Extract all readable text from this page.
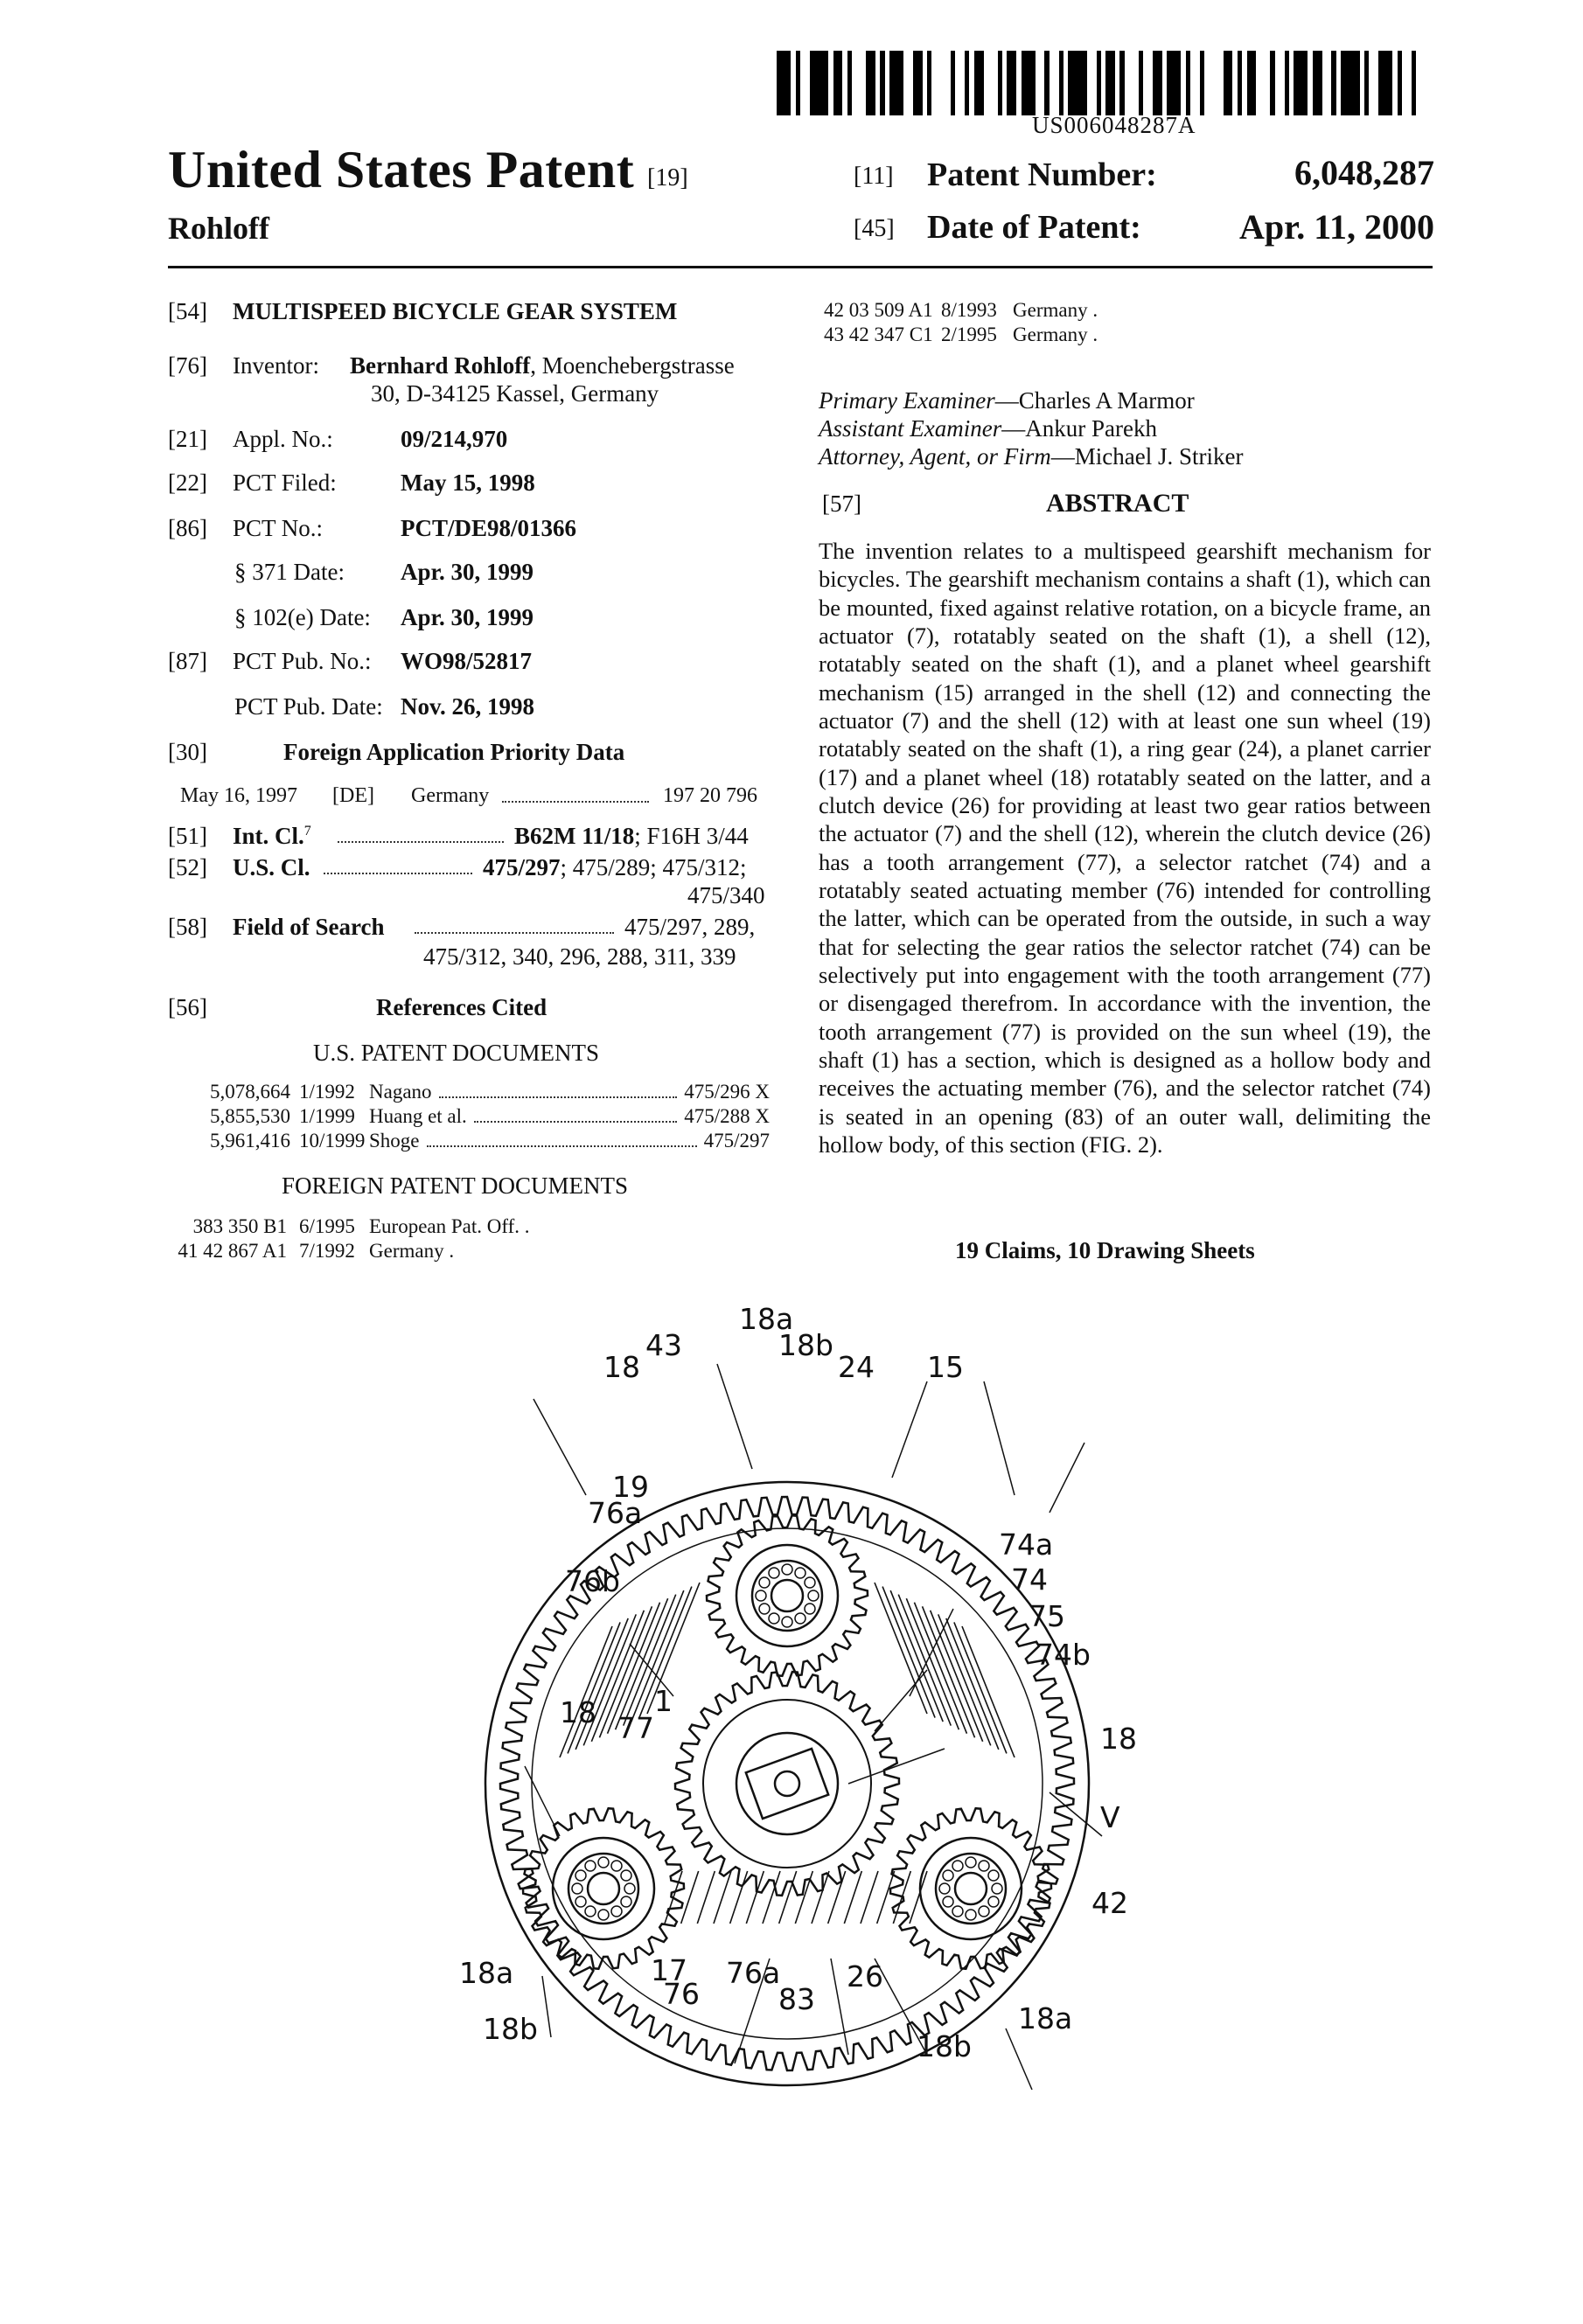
US006048287A
United States Patent [19]
Rohloff
[11] Patent Number:	6,048,287
[45] Date of Patent:	Apr. 11, 2000
[54] MULTISPEED BICYCLE GEAR SYSTEM
[76] Inventor: Bernhard Rohloff, Moenchebergstrasse
30, D-34125 Kassel, Germany
[21] Appl. No.:	09/214,970
[22] PCT Filed:	May 15, 1998
[86] PCT No.:	PCT/DE98/01366
§ 371 Date: Apr. 30, 1999
§ 102(e) Date: Apr. 30, 1999
[87] PCT Pub. No.: WO98/52817
PCT Pub. Date: Nov. 26, 1998
[30]	Foreign Application Priority Data
May 16, 1997 [DE] Germany	197 20 796
[51] Int. Cl.$^7$	B62M 11/18; F16H 3/44
[52] U.S. Cl.	475/297; 475/289; 475/312;
475/340
[58] Field of Search	475/297, 289,
475/312, 340, 296, 288, 311, 339
[56]	References Cited
U.S. PATENT DOCUMENTS
5,078,664 1/1992 Nagano	475/296 X
5,855,530 1/1999 Huang et al.	475/288 X
5,961,416 10/1999 Shoge	475/297
FOREIGN PATENT DOCUMENTS
383 350 B1 6/1995 European Pat. Off. .
41 42 867 A1 7/1992 Germany .
42 03 509 A1 8/1993 Germany .
43 42 347 C1 2/1995 Germany .
Primary Examiner—Charles A Marmor
Assistant Examiner—Ankur Parekh
Attorney, Agent, or Firm—Michael J. Striker
[57]	ABSTRACT
The invention relates to a multispeed gearshift mechanism for bicycles. The gearshift mechanism contains a shaft (1), which can be mounted, fixed against relative rotation, on a bicycle frame, an actuator (7), rotatably seated on the shaft (1), a shell (12), rotatably seated on the shaft (1), and a planet wheel gearshift mechanism (15) arranged in the shell (12) and connecting the actuator (7) and the shell (12) with at least one sun wheel (19) rotatably seated on the shaft (1), a ring gear (24), a planet carrier (17) and a planet wheel (18) rotatably seated on the latter, and a clutch device (26) for providing at least two gear ratios between the actuator (7) and the shell (12), wherein the clutch device (26) has a tooth arrangement (77), a selector ratchet (74) and a rotatably seated actuating member (76) intended for controlling the latter, which can be operated from the outside, in such a way that for selecting the gear ratios the selector ratchet (74) can be selectively put into engagement with the tooth arrangement (77) or disengaged therefrom. In accordance with the invention, the tooth arrangement (77) is provided on the sun wheel (19), the shaft (1) has a section, which is designed as a hollow body and receives the actuating member (76), and the selector ratchet (74) is seated in an opening (83) of an outer wall, delimiting the hollow body, of this section (FIG. 2).
19 Claims, 10 Drawing Sheets
18a
43
18
18b
24 15
19
76a
74a
76b	74
75
18 1
74b
77	18
V
42
18a	17
76
76a 26
83
18b	18a
18b
